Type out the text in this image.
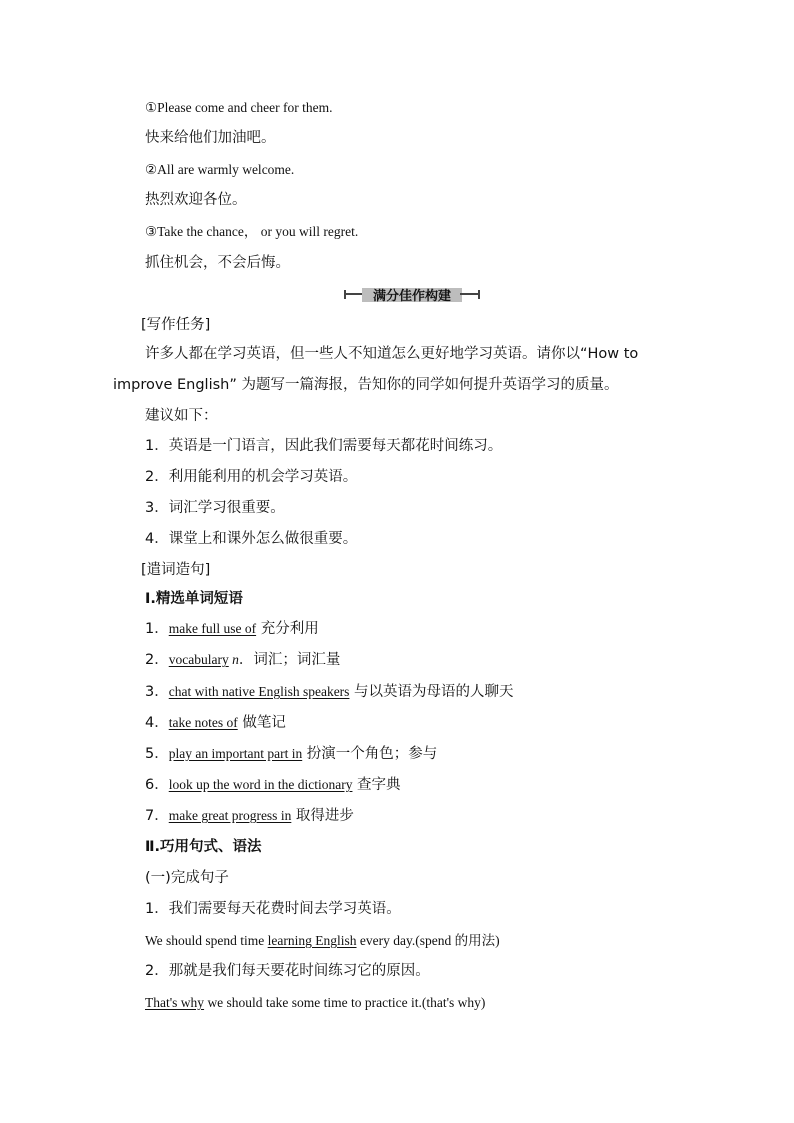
①Please come and cheer for them.
快来给他们加油吧。
②All are warmly welcome.
热烈欢迎各位。
③Take the chance， or you will regret.
抓住机会，不会后悔。
满分佳作构建
[写作任务]
许多人都在学习英语，但一些人不知道怎么更好地学习英语。请你以“How to
improve English” 为题写一篇海报，告知你的同学如何提升英语学习的质量。
建议如下：
1．英语是一门语言，因此我们需要每天都花时间练习。
2．利用能利用的机会学习英语。
3．词汇学习很重要。
4．课堂上和课外怎么做很重要。
[遣词造句]
Ⅰ.精选单词短语
1．make full use of 充分利用
2．vocabulary n．词汇；词汇量
3．chat with native English speakers 与以英语为母语的人聊天
4．take notes of 做笔记
5．play an important part in 扮演一个角色；参与
6．look up the word in the dictionary 查字典
7．make great progress in 取得进步
Ⅱ.巧用句式、语法
(一)完成句子
1．我们需要每天花费时间去学习英语。
We should spend time learning English every day.(spend 的用法)
2．那就是我们每天要花时间练习它的原因。
That's why we should take some time to practice it.(that's why)
